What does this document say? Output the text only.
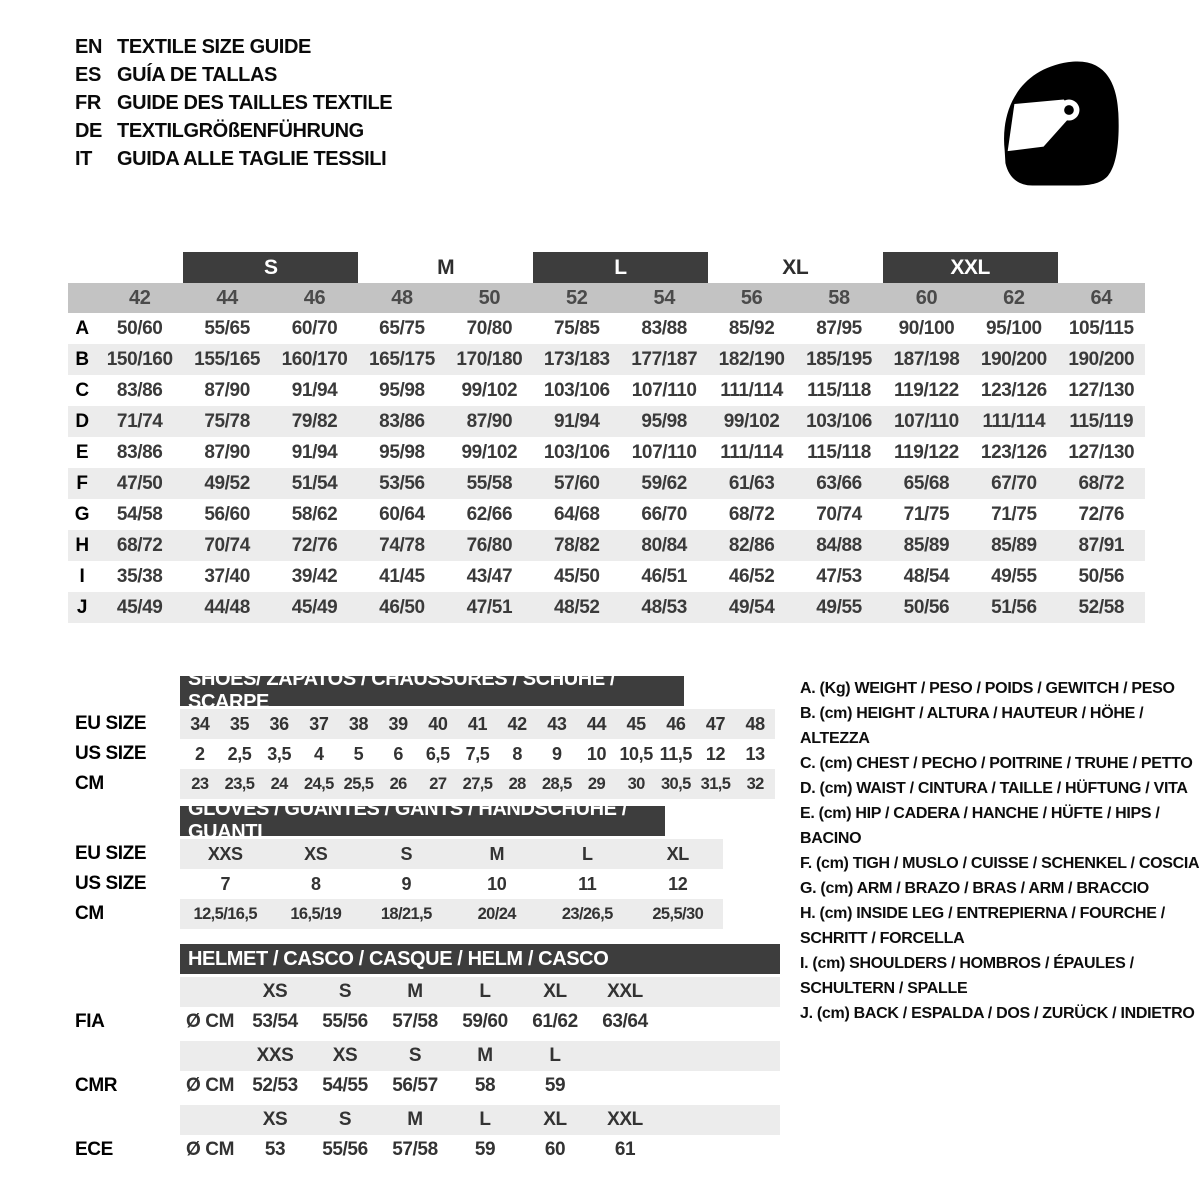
EN TEXTILE SIZE GUIDE
ES GUÍA DE TALLAS
FR GUIDE DES TAILLES TEXTILE
DE TEXTILGRÖßENFÜHRUNG
IT	GUIDA ALLE TAGLIE TESSILI
S	M	L	XL	XXL
42	44	46	48	50	52	54	56	58	60	62	64
A	50/60	55/65	60/70	65/75	70/80	75/85	83/88	85/92	87/95	90/100	95/100	105/115
B 150/160	155/165	160/170	165/175	170/180	173/183	177/187	182/190	185/195	187/198	190/200	190/200
C	83/86	87/90	91/94	95/98	99/102	103/106	107/110	111/114	115/118	119/122	123/126	127/130
D	71/74	75/78	79/82	83/86	87/90	91/94	95/98	99/102	103/106	107/110	111/114	115/119
E	83/86	87/90	91/94	95/98	99/102	103/106	107/110	111/114	115/118	119/122	123/126	127/130
F	47/50	49/52	51/54	53/56	55/58	57/60	59/62	61/63	63/66	65/68	67/70	68/72
G	54/58	56/60	58/62	60/64	62/66	64/68	66/70	68/72	70/74	71/75	71/75	72/76
H	68/72	70/74	72/76	74/78	76/80	78/82	80/84	82/86	84/88	85/89	85/89	87/91
I	35/38	37/40	39/42	41/45	43/47	45/50	46/51	46/52	47/53	48/54	49/55	50/56
J	45/49	44/48	45/49	46/50	47/51	48/52	48/53	49/54	49/55	50/56	51/56	52/58
SHOES/ ZAPATOS / CHAUSSURES / SCHUHE / SCARPE
34	35	36	37	38	39	40	41	42	43	44	45	46	47	48
2	2,5 3,5	4	5	6	6,5 7,5	8	9	10 10,5 11,5 12	13
23 23,5 24 24,5 25,5 26	27 27,5 28 28,5 29	30 30,5 31,5 32
EU SIZE
US SIZE
CM
GLOVES / GUANTES / GANTS / HANDSCHUHE / GUANTI
XXS	XS	S	M	L	XL
7	8	9	10	11	12
12,5/16,5	16,5/19	18/21,5	20/24	23/26,5	25,5/30
EU SIZE
US SIZE
CM
HELMET / CASCO / CASQUE / HELM / CASCO
XS	S	M	L	XL	XXL
Ø CM 53/54	55/56	57/58	59/60	61/62	63/64
XXS	XS	S	M	L
Ø CM 52/53	54/55	56/57	58	59
XS	S	M	L	XL	XXL
Ø CM	53	55/56	57/58	59	60	61
FIA
CMR
ECE
A. (Kg) WEIGHT / PESO / POIDS / GEWITCH / PESO
B. (cm) HEIGHT / ALTURA / HAUTEUR / HÖHE / ALTEZZA
C. (cm) CHEST / PECHO / POITRINE / TRUHE / PETTO
D. (cm) WAIST / CINTURA / TAILLE / HÜFTUNG / VITA
E. (cm) HIP / CADERA / HANCHE / HÜFTE / HIPS / BACINO
F. (cm) TIGH / MUSLO / CUISSE / SCHENKEL / COSCIA
G. (cm) ARM / BRAZO / BRAS / ARM / BRACCIO
H. (cm) INSIDE LEG / ENTREPIERNA / FOURCHE /
SCHRITT / FORCELLA
I. (cm) SHOULDERS / HOMBROS / ÉPAULES /
SCHULTERN / SPALLE
J. (cm) BACK / ESPALDA / DOS / ZURÜCK / INDIETRO
